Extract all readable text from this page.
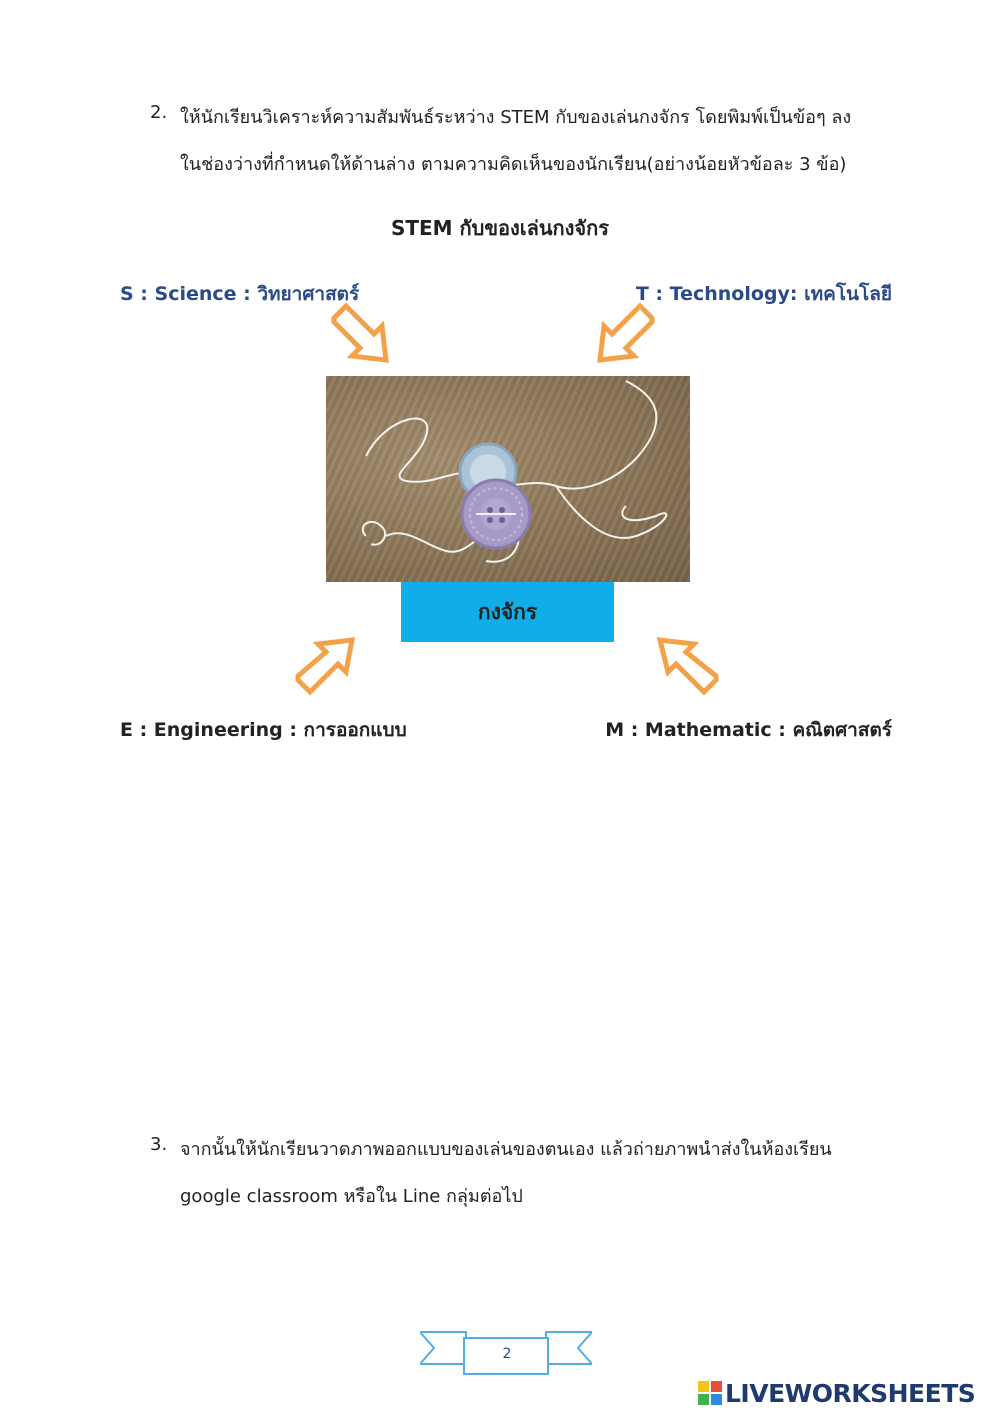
2. ให้นักเรียนวิเคราะห์ความสัมพันธ์ระหว่าง STEM กับของเล่นกงจักร โดยพิมพ์เป็นข้อๆ ลง
ในช่องว่างที่กำหนดให้ด้านล่าง ตามความคิดเห็นของนักเรียน(อย่างน้อยหัวข้อละ 3 ข้อ)
STEM กับของเล่นกงจักร
S : Science : วิทยาศาสตร์	T : Technology: เทคโนโลยี
E : Engineering : การออกแบบ	M : Mathematic : คณิตศาสตร์
กงจักร
3. จากนั้นให้นักเรียนวาดภาพออกแบบของเล่นของตนเอง แล้วถ่ายภาพนำส่งในห้องเรียน
google classroom หรือใน Line กลุ่มต่อไป
2
LIVEWORKSHEETS
